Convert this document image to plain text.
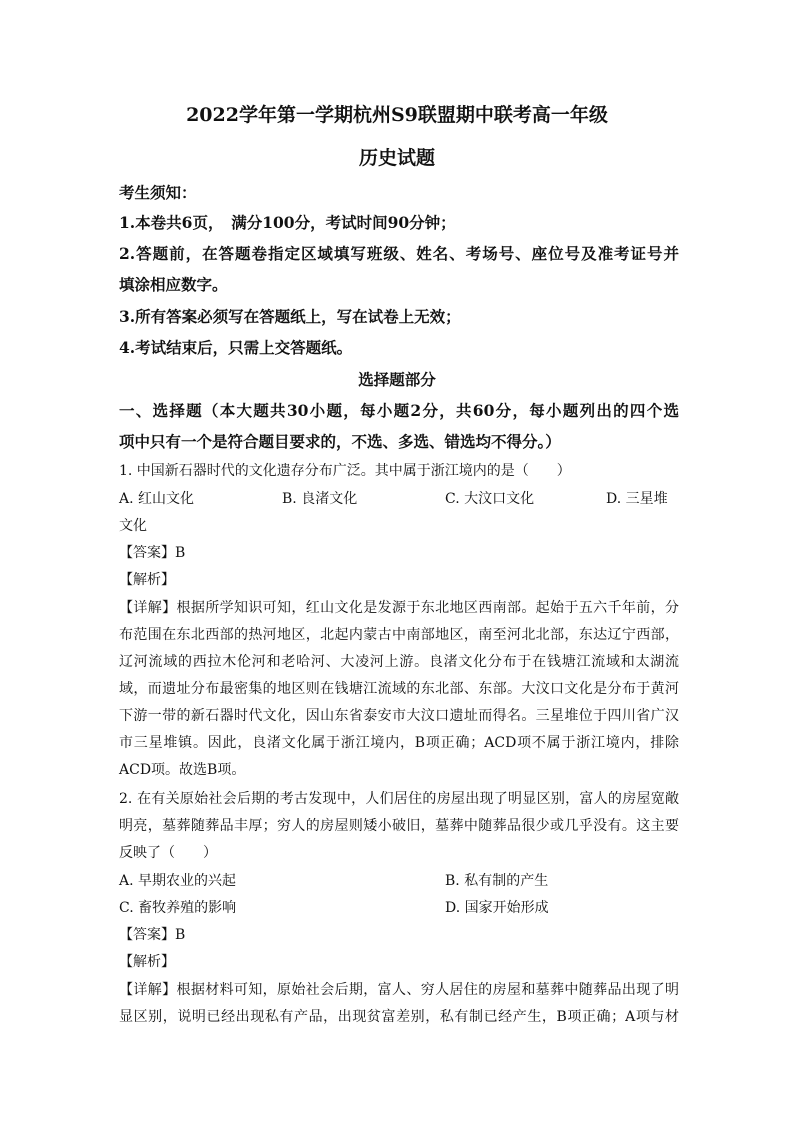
2022学年第一学期杭州S9联盟期中联考高一年级
历史试题
考生须知：
1.本卷共6页，　满分100分，考试时间90分钟；
2.答题前，在答题卷指定区域填写班级、姓名、考场号、座位号及准考证号并
填涂相应数字。
3.所有答案必须写在答题纸上，写在试卷上无效；
4.考试结束后，只需上交答题纸。
选择题部分
一、选择题（本大题共30小题，每小题2分，共60分，每小题列出的四个选
项中只有一个是符合题目要求的，不选、多选、错选均不得分。）
1. 中国新石器时代的文化遗存分布广泛。其中属于浙江境内的是（　　）
A. 红山文化	B. 良渚文化	C. 大汶口文化	D. 三星堆
文化
【答案】B
【解析】
【详解】根据所学知识可知，红山文化是发源于东北地区西南部。起始于五六千年前，分
布范围在东北西部的热河地区，北起内蒙古中南部地区，南至河北北部，东达辽宁西部，
辽河流域的西拉木伦河和老哈河、大凌河上游。良渚文化分布于在钱塘江流域和太湖流
域，而遗址分布最密集的地区则在钱塘江流域的东北部、东部。大汶口文化是分布于黄河
下游一带的新石器时代文化，因山东省泰安市大汶口遗址而得名。三星堆位于四川省广汉
市三星堆镇。因此，良渚文化属于浙江境内，B项正确；ACD项不属于浙江境内，排除
ACD项。故选B项。
2. 在有关原始社会后期的考古发现中，人们居住的房屋出现了明显区别，富人的房屋宽敞
明亮，墓葬随葬品丰厚；穷人的房屋则矮小破旧，墓葬中随葬品很少或几乎没有。这主要
反映了（　　）
A. 早期农业的兴起	B. 私有制的产生
C. 畜牧养殖的影响	D. 国家开始形成
【答案】B
【解析】
【详解】根据材料可知，原始社会后期，富人、穷人居住的房屋和墓葬中随葬品出现了明
显区别，说明已经出现私有产品，出现贫富差别，私有制已经产生，B项正确；A项与材
